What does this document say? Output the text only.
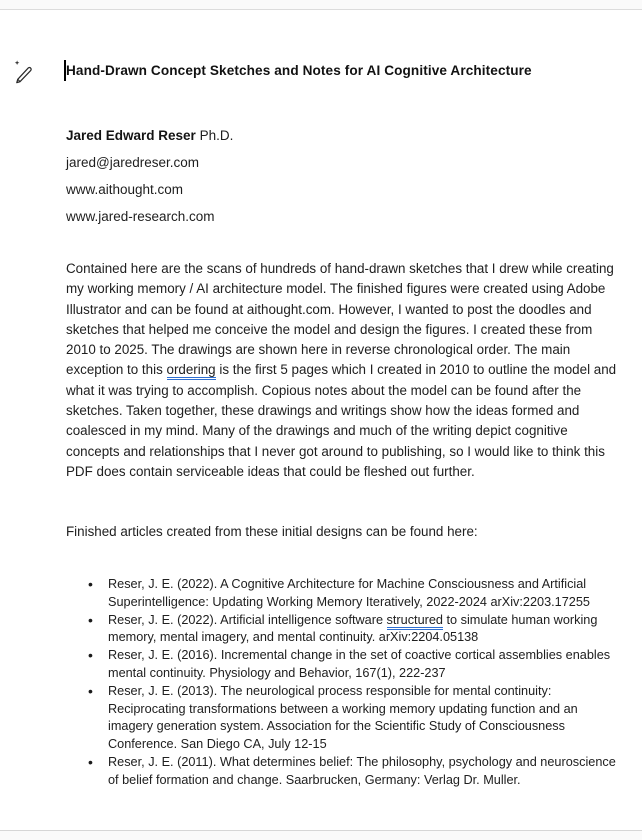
Hand-Drawn Concept Sketches and Notes for AI Cognitive Architecture
Jared Edward Reser Ph.D.
jared@jaredreser.com
www.aithought.com
www.jared-research.com

Contained here are the scans of hundreds of hand-drawn sketches that I drew while creating my working memory / AI architecture model. The finished figures were created using Adobe Illustrator and can be found at aithought.com. However, I wanted to post the doodles and sketches that helped me conceive the model and design the figures. I created these from 2010 to 2025. The drawings are shown here in reverse chronological order. The main exception to this ordering is the first 5 pages which I created in 2010 to outline the model and what it was trying to accomplish. Copious notes about the model can be found after the sketches. Taken together, these drawings and writings show how the ideas formed and coalesced in my mind. Many of the drawings and much of the writing depict cognitive concepts and relationships that I never got around to publishing, so I would like to think this PDF does contain serviceable ideas that could be fleshed out further.

Finished articles created from these initial designs can be found here:

• Reser, J. E. (2022). A Cognitive Architecture for Machine Consciousness and Artificial Superintelligence: Updating Working Memory Iteratively, 2022-2024 arXiv:2203.17255
• Reser, J. E. (2022). Artificial intelligence software structured to simulate human working memory, mental imagery, and mental continuity. arXiv:2204.05138
• Reser, J. E. (2016). Incremental change in the set of coactive cortical assemblies enables mental continuity. Physiology and Behavior, 167(1), 222-237
• Reser, J. E. (2013). The neurological process responsible for mental continuity: Reciprocating transformations between a working memory updating function and an imagery generation system. Association for the Scientific Study of Consciousness Conference. San Diego CA, July 12-15
• Reser, J. E. (2011). What determines belief: The philosophy, psychology and neuroscience of belief formation and change. Saarbrucken, Germany: Verlag Dr. Muller.
